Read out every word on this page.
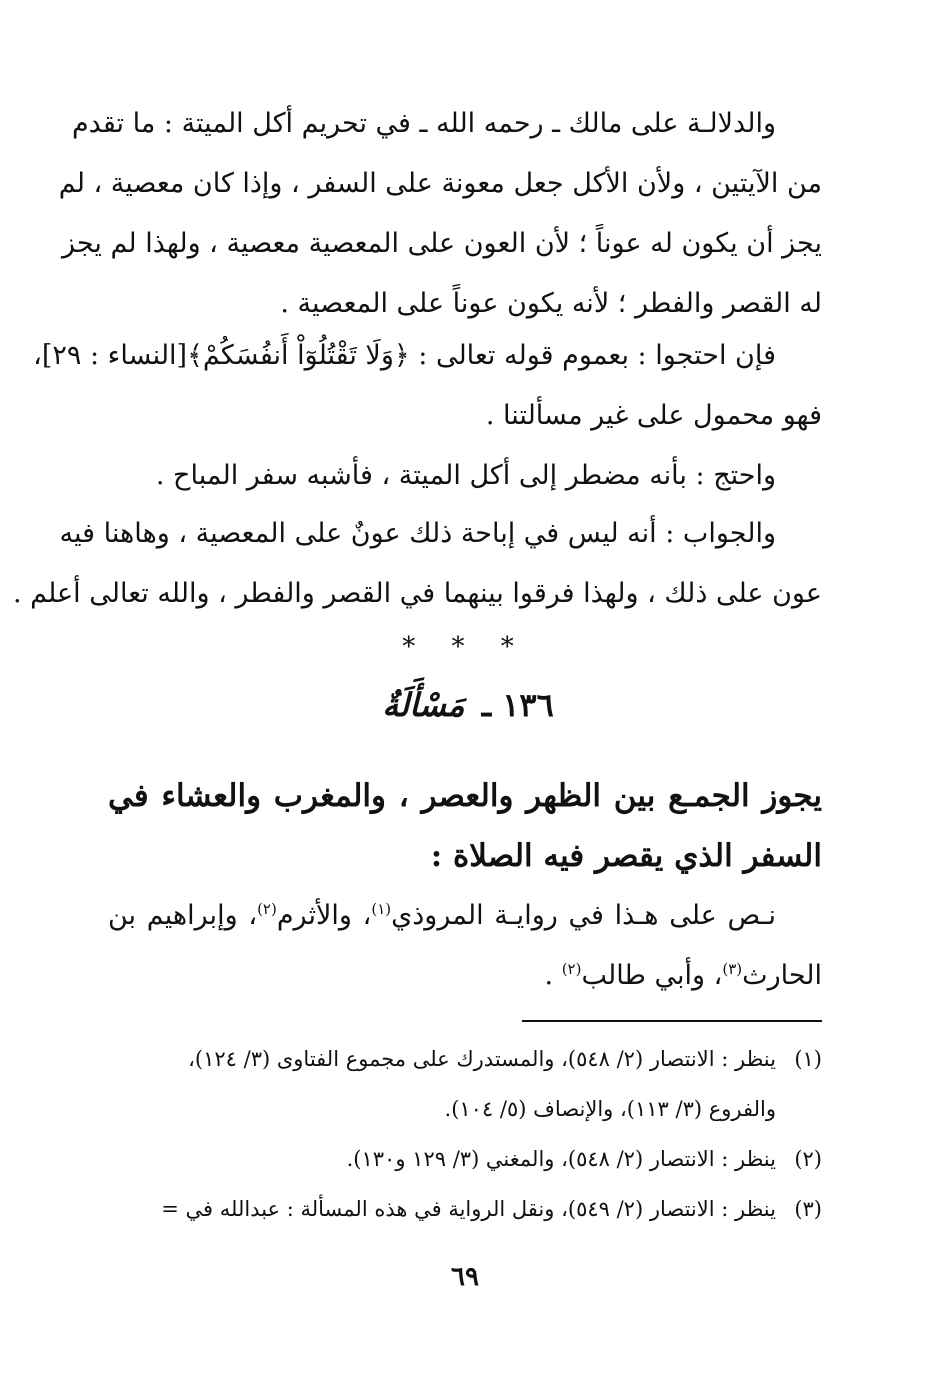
والدلالـة على مالك ـ رحمه الله ـ في تحريم أكل الميتة : ما تقدم
من الآيتين ، ولأن الأكل جعل معونة على السفر ، وإذا كان معصية ، لم
يجز أن يكون له عوناً ؛ لأن العون على المعصية معصية ، ولهذا لم يجز
له القصر والفطر ؛ لأنه يكون عوناً على المعصية .
فإن احتجوا : بعموم قوله تعالى : ﴿وَلَا تَقْتُلُوٓاْ أَنفُسَكُمْ﴾[النساء : ٢٩]،
فهو محمول على غير مسألتنا .
واحتج : بأنه مضطر إلى أكل الميتة ، فأشبه سفر المباح .
والجواب : أنه ليس في إباحة ذلك عونٌ على المعصية ، وهاهنا فيه
عون على ذلك ، ولهذا فرقوا بينهما في القصر والفطر ، والله تعالى أعلم .
* * *
١٣٦ ـ مَسْأَلَةٌ
يجوز الجمـع بين الظهر والعصر ، والمغرب والعشاء في
السفر الذي يقصر فيه الصلاة :
نـص على هـذا في روايـة المروذي$^{(١)}$، والأثرم$^{(٢)}$، وإبراهيم بن
الحارث$^{(٣)}$، وأبي طالب$^{(٢)}$ .
(١)ينظر : الانتصار (٢/ ٥٤٨)، والمستدرك على مجموع الفتاوى (٣/ ١٢٤)،
والفروع (٣/ ١١٣)، والإنصاف (٥/ ١٠٤).
(٢)ينظر : الانتصار (٢/ ٥٤٨)، والمغني (٣/ ١٢٩ و١٣٠).
(٣)ينظر : الانتصار (٢/ ٥٤٩)، ونقل الرواية في هذه المسألة : عبدالله في =
٦٩
